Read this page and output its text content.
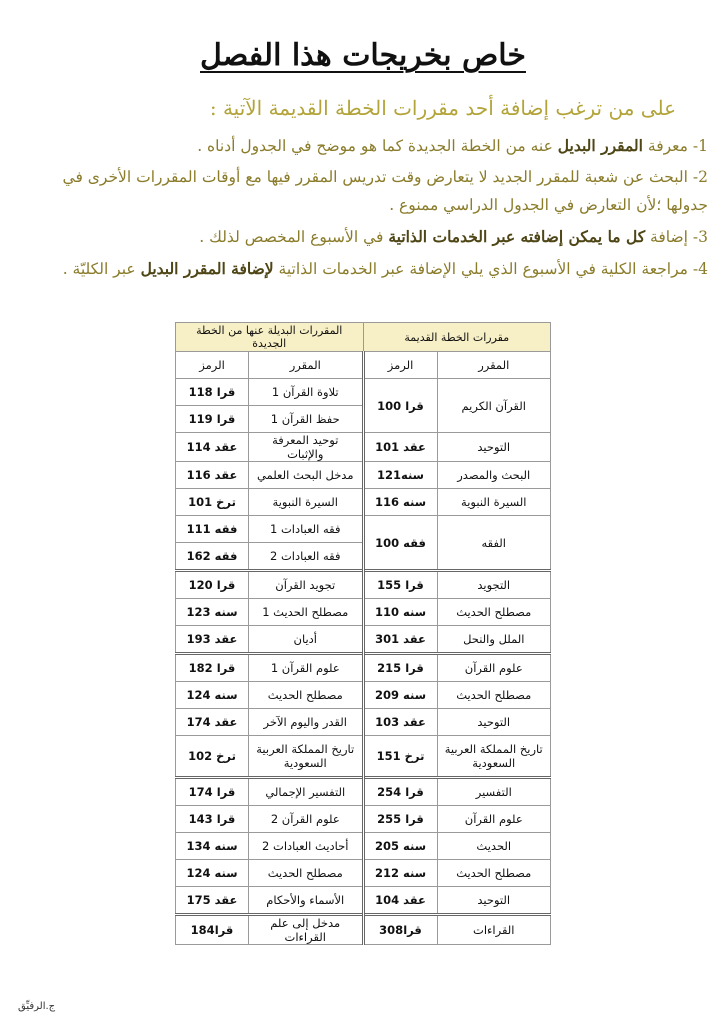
خاص بخريجات هذا الفصل
على من ترغب إضافة أحد مقررات الخطة القديمة الآتية :

1- معرفة المقرر البديل عنه من الخطة الجديدة كما هو موضح في الجدول أدناه .

2- البحث عن شعبة للمقرر الجديد لا يتعارض وقت تدريس المقرر فيها مع أوقات المقررات الأخرى في جدولها ؛لأن التعارض في الجدول الدراسي ممنوع .

3- إضافة كل ما يمكن إضافته عبر الخدمات الذاتية في الأسبوع المخصص لذلك .

4- مراجعة الكلية في الأسبوع الذي يلي الإضافة عبر الخدمات الذاتية لإضافة المقرر البديل عبر الكليّة .

مقررات الخطة القديمة		المقررات البديلة عنها من الخطة الجديدة	
المقرر	الرمز	المقرر	الرمز
القرآن الكريم	قرا 100	تلاوة القرآن 1	قرا 118
		حفظ القرآن 1	قرا 119
التوحيد	عقد 101	توحيد المعرفة والإثبات	عقد 114
البحث والمصدر	سنه121	مدخل البحث العلمي	عقد 116
السيرة النبوية	سنه 116	السيرة النبوية	ترخ 101
الفقه	فقه 100	فقه العبادات 1	فقه 111
		فقه العبادات 2	فقه 162
التجويد	قرا 155	تجويد القرآن	قرا 120
مصطلح الحديث	سنه 110	مصطلح الحديث 1	سنه 123
الملل والنحل	عقد 301	أديان	عقد 193
علوم القرآن	قرا 215	علوم القرآن 1	قرا 182
مصطلح الحديث	سنه 209	مصطلح الحديث	سنه 124
التوحيد	عقد 103	القدر واليوم الآخر	عقد 174
تاريخ المملكة العربية السعودية	ترخ 151	تاريخ المملكة العربية السعودية	ترخ 102
التفسير	قرا 254	التفسير الإجمالي	قرا 174
علوم القرآن	قرا 255	علوم القرآن 2	قرا 143
الحديث	سنه 205	أحاديث العبادات 2	سنه 134
مصطلح الحديث	سنه 212	مصطلح الحديث	سنه 124
التوحيد	عقد 104	الأسماء والأحكام	عقد 175
القراءات	قرا308	مدخل إلى علم القراءات	قرا184
ج.الرفيِّق
